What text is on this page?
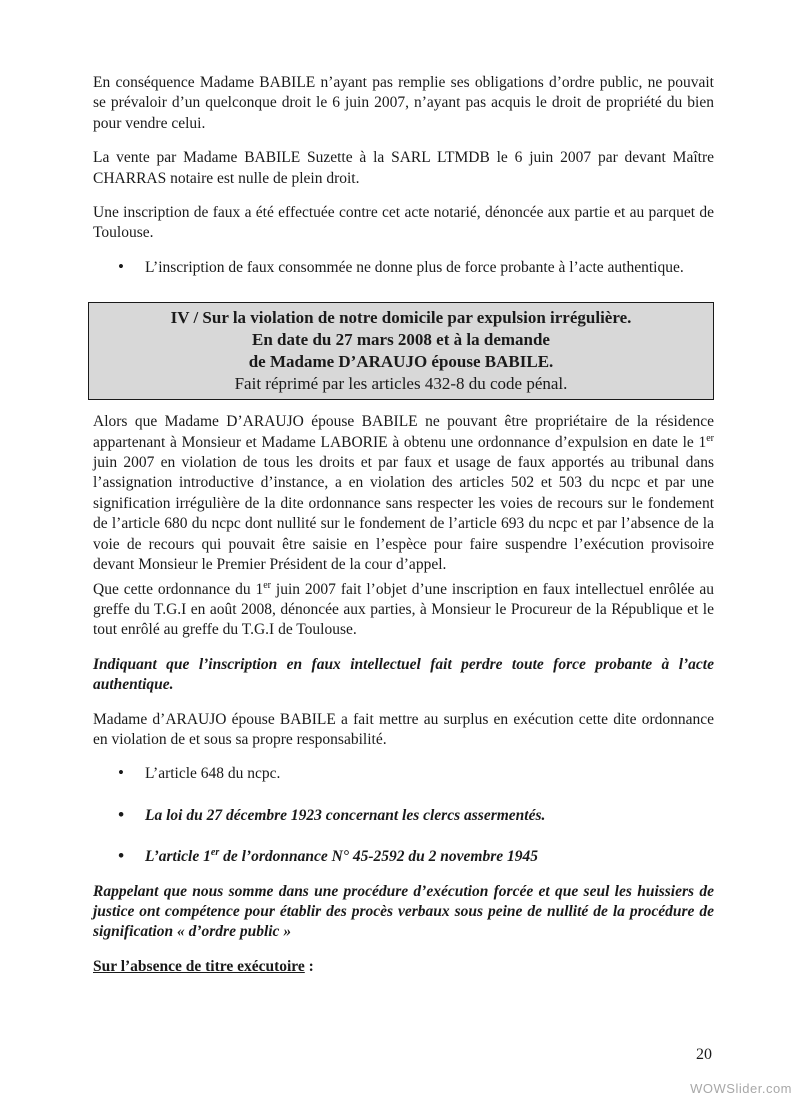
En conséquence Madame BABILE n’ayant pas remplie ses obligations d’ordre public, ne pouvait se prévaloir d’un quelconque droit le 6 juin 2007, n’ayant pas acquis le droit de propriété du bien pour vendre celui.

La vente par Madame BABILE Suzette à la SARL LTMDB le 6 juin 2007 par devant Maître CHARRAS notaire est nulle de plein droit.

Une inscription de faux a été effectuée contre cet acte notarié, dénoncée aux partie et au parquet de Toulouse.

• L’inscription de faux consommée ne donne plus de force probante à l’acte authentique.
IV / Sur la violation de notre domicile par expulsion irrégulière.
En date du 27 mars 2008 et à la demande
de Madame D’ARAUJO épouse BABILE.
Fait réprimé par les articles 432-8 du code pénal.

Alors que Madame D’ARAUJO épouse BABILE ne pouvant être propriétaire de la résidence appartenant à Monsieur et Madame LABORIE à obtenu une ordonnance d’expulsion en date le 1er juin 2007 en violation de tous les droits et par faux et usage de faux apportés au tribunal dans l’assignation introductive d’instance, a en violation des articles 502 et 503 du ncpc et par une signification irrégulière de la dite ordonnance sans respecter les voies de recours sur le fondement de l’article 680 du ncpc dont nullité sur le fondement de l’article 693 du ncpc et par l’absence de la voie de recours qui pouvait être saisie en l’espèce pour faire suspendre l’exécution provisoire devant Monsieur le Premier Président de la cour d’appel.

Que cette ordonnance du 1er juin 2007 fait l’objet d’une inscription en faux intellectuel enrôlée au greffe du T.G.I en août 2008, dénoncée aux parties, à Monsieur le Procureur de la République et le tout enrôlé au greffe du T.G.I de Toulouse.

Indiquant que l’inscription en faux intellectuel fait perdre toute force probante à l’acte authentique.

Madame d’ARAUJO épouse BABILE a fait mettre au surplus en exécution cette dite ordonnance en violation de et sous sa propre responsabilité.

• L’article 648 du ncpc.
• La loi du 27 décembre 1923 concernant les clercs assermentés.
• L’article 1er de l’ordonnance N° 45-2592 du 2 novembre 1945

Rappelant que nous somme dans une procédure d’exécution forcée et que seul les huissiers de justice ont compétence pour établir des procès verbaux sous peine de nullité de la procédure de signification « d’ordre public »

Sur l’absence de titre exécutoire :

20
WOWSlider.com
